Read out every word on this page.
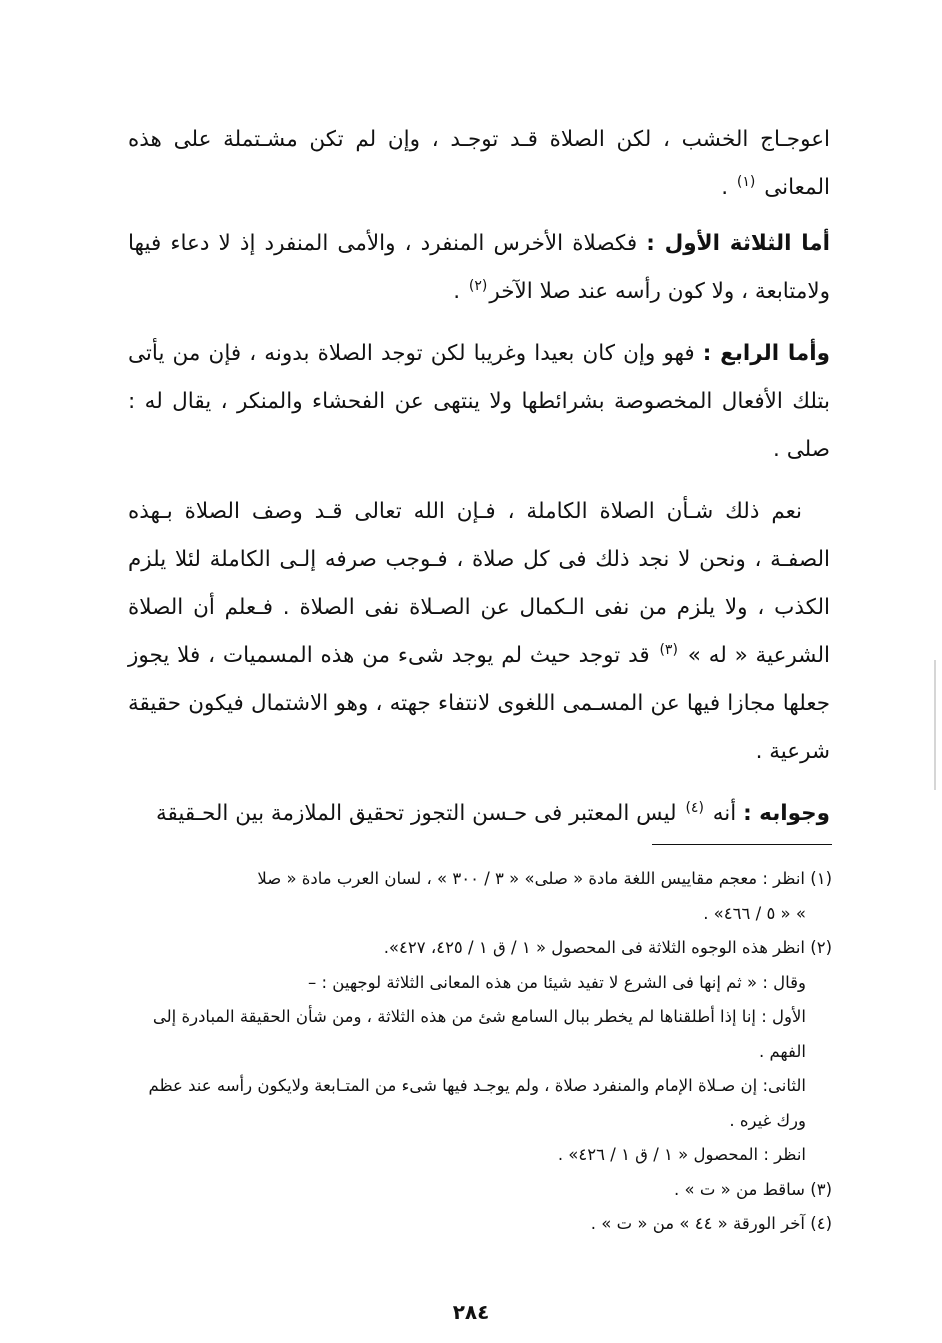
اعوجـاج الخشب ، لكن الصلاة قـد توجـد ، وإن لم تكن مشـتملة على هذه المعانى $^{(١)}$ .

أما الثلاثة الأول : فكصلاة الأخرس المنفرد ، والأمى المنفرد إذ لا دعاء فيها ولامتابعة ، ولا كون رأسه عند صلا الآخر$^{(٢)}$ .

وأما الرابع : فهو وإن كان بعيدا وغريبا لكن توجد الصلاة بدونه ، فإن من يأتى بتلك الأفعال المخصوصة بشرائطها ولا ينتهى عن الفحشاء والمنكر ، يقال له : صلى .

نعم ذلك شـأن الصلاة الكاملة ، فـإن الله تعالى قـد وصف الصلاة بـهذه الصفـة ، ونحن لا نجد ذلك فى كل صلاة ، فـوجب صرفه إلـى الكاملة لئلا يلزم الكذب ، ولا يلزم من نفى الـكمال عن الصـلاة نفى الصلاة . فـعلم أن الصلاة الشرعية « له » $^{(٣)}$ قد توجد حيث لم يوجد شىء من هذه المسميات ، فلا يجوز جعلها مجازا فيها عن المسـمى اللغوى لانتفاء جهته ، وهو الاشتمال فيكون حقيقة شرعية .

وجوابه : أنه $^{(٤)}$ ليس المعتبر فى حـسن التجوز تحقيق الملازمة بين الحـقيقة

(١) انظر : معجم مقاييس اللغة مادة « صلى» « ٣ / ٣٠٠ » ، لسان العرب مادة « صلا

» « ٥ / ٤٦٦» .

(٢) انظر هذه الوجوه الثلاثة فى المحصول « ١ / ق ١ / ٤٢٥، ٤٢٧».

وقال : « ثم إنها فى الشرع لا تفيد شيئا من هذه المعانى الثلاثة لوجهين : –

الأول : إنا إذا أطلقناها لم يخطر ببال السامع شئ من هذه الثلاثة ، ومن شأن الحقيقة المبادرة إلى الفهم .

الثانى: إن صـلاة الإمام والمنفرد صلاة ، ولم يوجـد فيها شىء من المتـابعة ولايكون رأسه عند عظم ورك غيره .

انظر : المحصول « ١ / ق ١ / ٤٢٦» .

(٣) ساقط من « ت » .

(٤) آخر الورقة « ٤٤ » من « ت » .

٢٨٤
